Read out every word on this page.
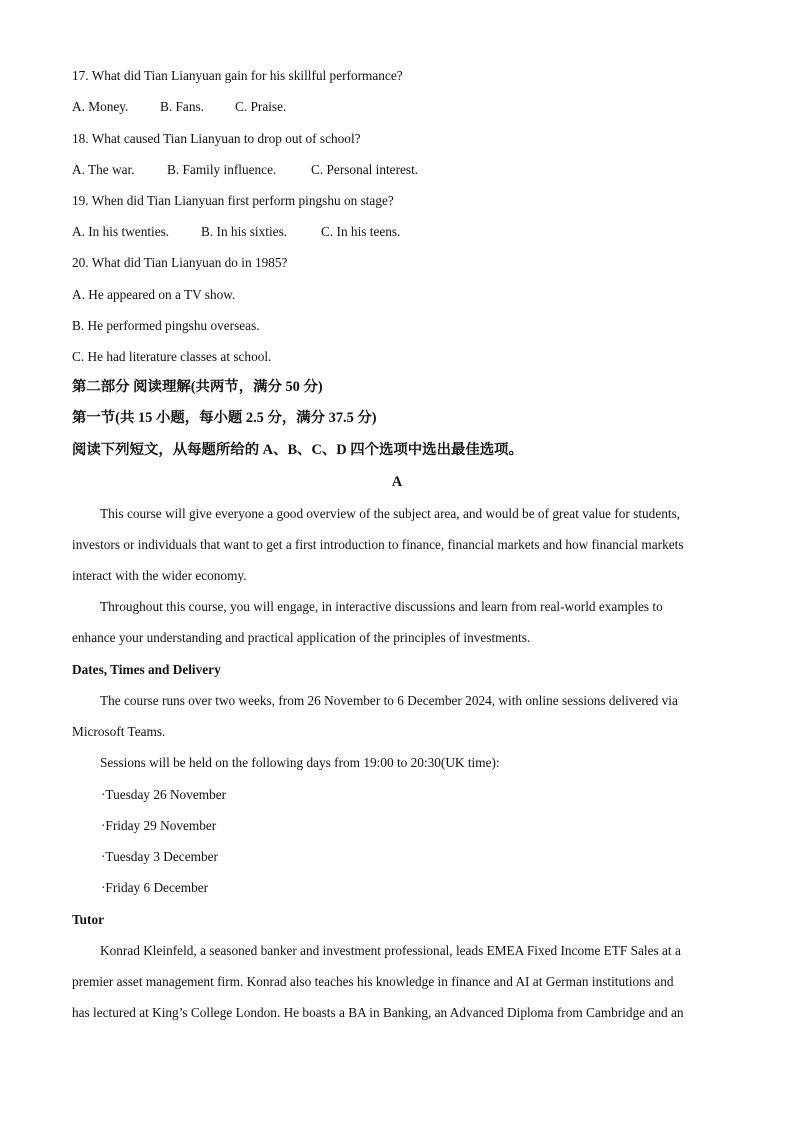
17. What did Tian Lianyuan gain for his skillful performance?
A. Money. B. Fans. C. Praise.
18. What caused Tian Lianyuan to drop out of school?
A. The war. B. Family influence.	C. Personal interest.
19. When did Tian Lianyuan first perform pingshu on stage?
A. In his twenties. B. In his sixties.	C. In his teens.
20. What did Tian Lianyuan do in 1985?
A. He appeared on a TV show.
B. He performed pingshu overseas.
C. He had literature classes at school.
第二部分 阅读理解(共两节，满分 50 分)
第一节(共 15 小题，每小题 2.5 分，满分 37.5 分)
阅读下列短文，从每题所给的 A、B、C、D 四个选项中选出最佳选项。
A
This course will give everyone a good overview of the subject area, and would be of great value for students,
investors or individuals that want to get a first introduction to finance, financial markets and how financial markets
interact with the wider economy.
Throughout this course, you will engage, in interactive discussions and learn from real-world examples to
enhance your understanding and practical application of the principles of investments.
Dates, Times and Delivery
The course runs over two weeks, from 26 November to 6 December 2024, with online sessions delivered via
Microsoft Teams.
Sessions will be held on the following days from 19:00 to 20:30(UK time):
·Tuesday 26 November
·Friday 29 November
·Tuesday 3 December
·Friday 6 December
Tutor
Konrad Kleinfeld, a seasoned banker and investment professional, leads EMEA Fixed Income ETF Sales at a
premier asset management firm. Konrad also teaches his knowledge in finance and AI at German institutions and
has lectured at King’s College London. He boasts a BA in Banking, an Advanced Diploma from Cambridge and an
